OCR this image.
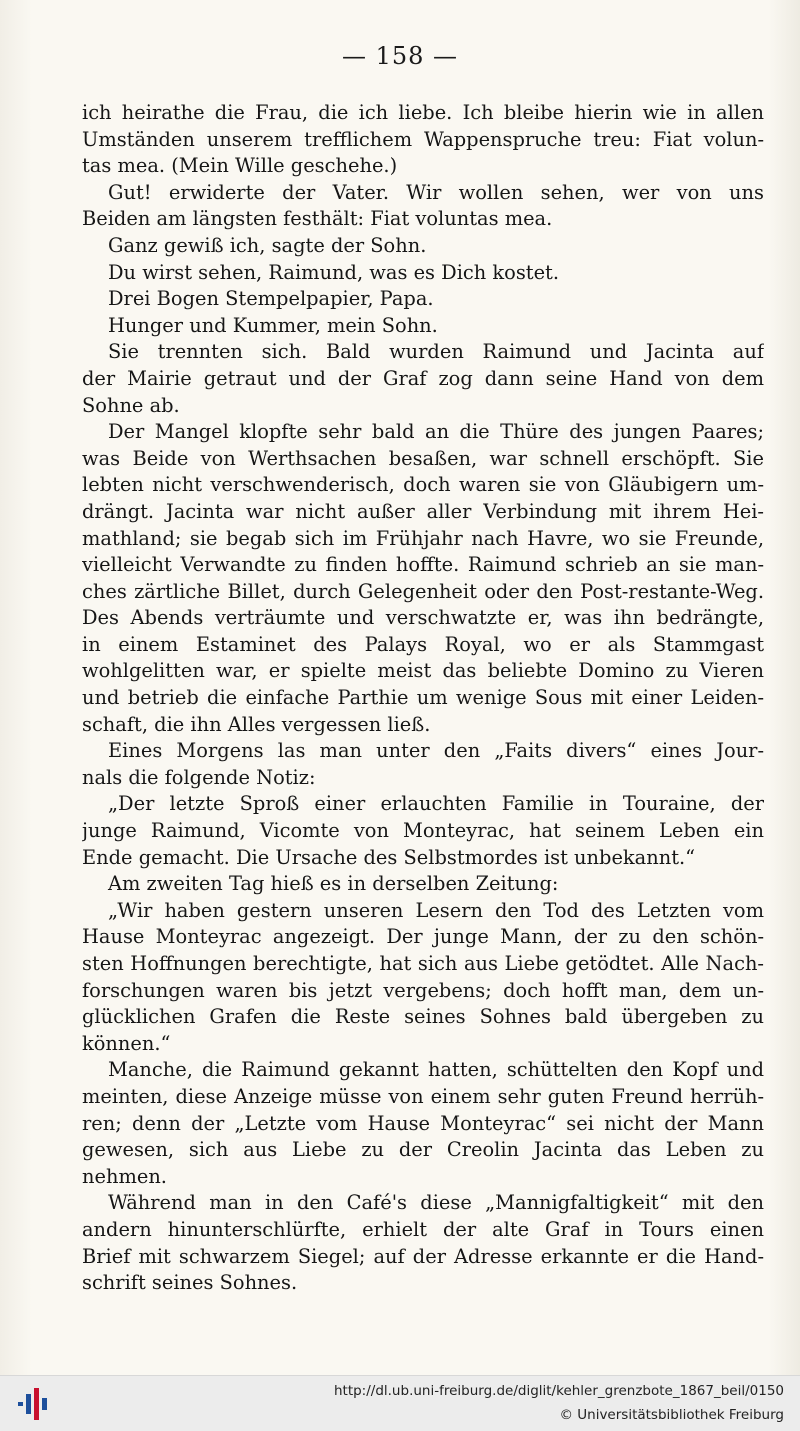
— 158 —
ich heirathe die Frau, die ich liebe. Ich bleibe hierin wie in allen
Umständen unserem trefflichem Wappenspruche treu: Fiat volun-
tas mea. (Mein Wille geschehe.)
Gut! erwiderte der Vater. Wir wollen sehen, wer von uns
Beiden am längsten festhält: Fiat voluntas mea.
Ganz gewiß ich, sagte der Sohn.
Du wirst sehen, Raimund, was es Dich kostet.
Drei Bogen Stempelpapier, Papa.
Hunger und Kummer, mein Sohn.
Sie trennten sich. Bald wurden Raimund und Jacinta auf
der Mairie getraut und der Graf zog dann seine Hand von dem
Sohne ab.
Der Mangel klopfte sehr bald an die Thüre des jungen Paares;
was Beide von Werthsachen besaßen, war schnell erschöpft. Sie
lebten nicht verschwenderisch, doch waren sie von Gläubigern um-
drängt. Jacinta war nicht außer aller Verbindung mit ihrem Hei-
mathland; sie begab sich im Frühjahr nach Havre, wo sie Freunde,
vielleicht Verwandte zu finden hoffte. Raimund schrieb an sie man-
ches zärtliche Billet, durch Gelegenheit oder den Post-restante-Weg.
Des Abends verträumte und verschwatzte er, was ihn bedrängte,
in einem Estaminet des Palays Royal, wo er als Stammgast
wohlgelitten war, er spielte meist das beliebte Domino zu Vieren
und betrieb die einfache Parthie um wenige Sous mit einer Leiden-
schaft, die ihn Alles vergessen ließ.
Eines Morgens las man unter den „Faits divers“ eines Jour-
nals die folgende Notiz:
„Der letzte Sproß einer erlauchten Familie in Touraine, der
junge Raimund, Vicomte von Monteyrac, hat seinem Leben ein
Ende gemacht. Die Ursache des Selbstmordes ist unbekannt.“
Am zweiten Tag hieß es in derselben Zeitung:
„Wir haben gestern unseren Lesern den Tod des Letzten vom
Hause Monteyrac angezeigt. Der junge Mann, der zu den schön-
sten Hoffnungen berechtigte, hat sich aus Liebe getödtet. Alle Nach-
forschungen waren bis jetzt vergebens; doch hofft man, dem un-
glücklichen Grafen die Reste seines Sohnes bald übergeben zu
können.“
Manche, die Raimund gekannt hatten, schüttelten den Kopf und
meinten, diese Anzeige müsse von einem sehr guten Freund herrüh-
ren; denn der „Letzte vom Hause Monteyrac“ sei nicht der Mann
gewesen, sich aus Liebe zu der Creolin Jacinta das Leben zu
nehmen.
Während man in den Café's diese „Mannigfaltigkeit“ mit den
andern hinunterschlürfte, erhielt der alte Graf in Tours einen
Brief mit schwarzem Siegel; auf der Adresse erkannte er die Hand-
schrift seines Sohnes.
http://dl.ub.uni-freiburg.de/diglit/kehler_grenzbote_1867_beil/0150
© Universitätsbibliothek Freiburg
